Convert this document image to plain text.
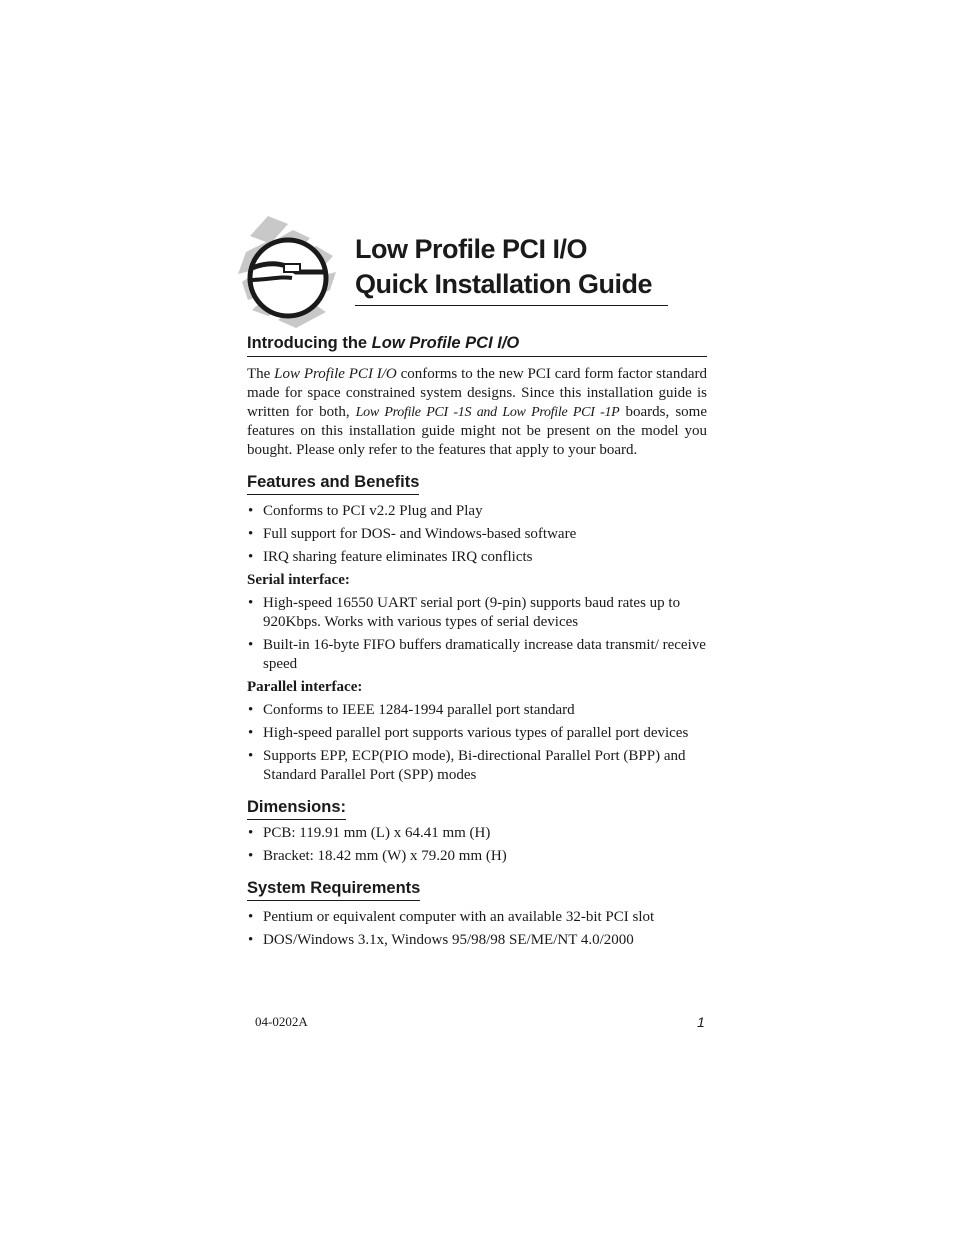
Low Profile PCI I/O
Quick Installation Guide
Introducing the Low Profile PCI I/O

The Low Profile PCI I/O conforms to the new PCI card form factor standard made for space constrained system designs. Since this installation guide is written for both, Low Profile PCI -1S and Low Profile PCI -1P boards, some features on this installation guide might not be present on the model you bought. Please only refer to the features that apply to your board.

Features and Benefits
• Conforms to PCI v2.2 Plug and Play
• Full support for DOS- and Windows-based software
• IRQ sharing feature eliminates IRQ conflicts
Serial interface:
• High-speed 16550 UART serial port (9-pin) supports baud rates up to 920Kbps. Works with various types of serial devices
• Built-in 16-byte FIFO buffers dramatically increase data transmit/ receive speed
Parallel interface:
• Conforms to IEEE 1284-1994 parallel port standard
• High-speed parallel port supports various types of parallel port devices
• Supports EPP, ECP(PIO mode), Bi-directional Parallel Port (BPP) and Standard Parallel Port (SPP) modes
Dimensions:
• PCB: 119.91 mm (L) x 64.41 mm (H)
• Bracket: 18.42 mm (W) x 79.20 mm (H)
System Requirements
• Pentium or equivalent computer with an available 32-bit PCI slot
• DOS/Windows 3.1x, Windows 95/98/98 SE/ME/NT 4.0/2000
04-0202A	1
